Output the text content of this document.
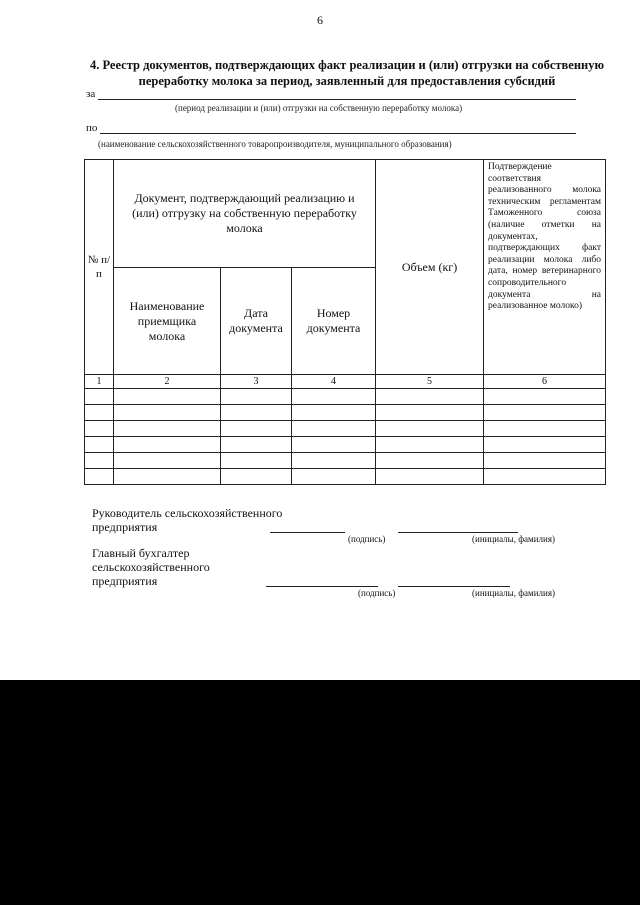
6
4. Реестр документов, подтверждающих факт реализации и (или) отгрузки на собственную переработку молока за период, заявленный для предоставления субсидий
за
(период реализации и (или) отгрузки на собственную переработку молока)
по
(наименование сельскохозяйственного товаропроизводителя, муниципального образования)
№ п/п	Документ, подтверждающий реализацию и (или) отгрузку на собственную переработку молока			Объем (кг)	Подтверждение соответствия реализованного молока техническим регламентам Таможенного союза (наличие отметки на документах, подтверждающих факт реализации молока либо дата, номер ветеринарного сопроводительного документа на реализованное молоко)
	Наименование приемщика молока	Дата документа	Номер документа		
1	2	3	4	5	6

Руководитель сельскохозяйственного предприятия
(подпись)	(инициалы, фамилия)
Главный бухгалтер сельскохозяйственного предприятия
(подпись)	(инициалы, фамилия)
